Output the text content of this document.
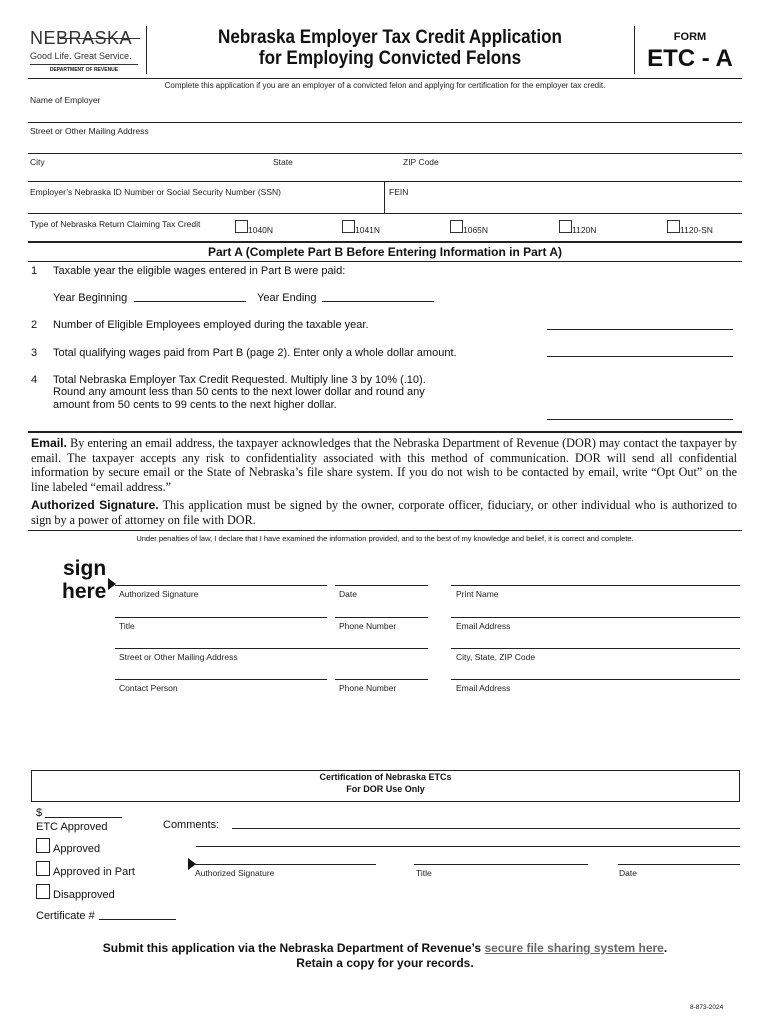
NEBRASKA
Good Life. Great Service.
DEPARTMENT OF REVENUE
Nebraska Employer Tax Credit Application
for Employing Convicted Felons
FORM
ETC - A
Complete this application if you are an employer of a convicted felon and applying for certification for the employer tax credit.
Name of Employer
Street or Other Mailing Address
City	State	ZIP Code
Employer’s Nebraska ID Number or Social Security Number (SSN)	FEIN
Type of Nebraska Return Claiming Tax Credit
1040N	1041N	1065N	1120N	1120-SN
Part A (Complete Part B Before Entering Information in Part A)
1 Taxable year the eligible wages entered in Part B were paid:
Year Beginning	Year Ending
2 Number of Eligible Employees employed during the taxable year.
3 Total qualifying wages paid from Part B (page 2). Enter only a whole dollar amount.
4 Total Nebraska Employer Tax Credit Requested. Multiply line 3 by 10% (.10).
Round any amount less than 50 cents to the next lower dollar and round any
amount from 50 cents to 99 cents to the next higher dollar.
Email. By entering an email address, the taxpayer acknowledges that the Nebraska Department of Revenue (DOR) may contact the taxpayer by email. The taxpayer accepts any risk to confidentiality associated with this method of communication. DOR will send all confidential information by secure email or the State of Nebraska’s file share system. If you do not wish to be contacted by email, write “Opt Out” on the line labeled “email address.”
Authorized Signature. This application must be signed by the owner, corporate officer, fiduciary, or other individual who is authorized to sign by a power of attorney on file with DOR.
Under penalties of law, I declare that I have examined the information provided, and to the best of my knowledge and belief, it is correct and complete.
sign
here Authorized Signature	Date	Print Name
Title	Phone Number	Email Address
Street or Other Mailing Address	City, State, ZIP Code
Contact Person	Phone Number	Email Address
Certification of Nebraska ETCs
For DOR Use Only
$
ETC Approved	Comments:
Approved
Approved in Part	Authorized Signature	Title	Date
Disapproved
Certificate #
Submit this application via the Nebraska Department of Revenue’s secure file sharing system here.
Retain a copy for your records.
8-873-2024
